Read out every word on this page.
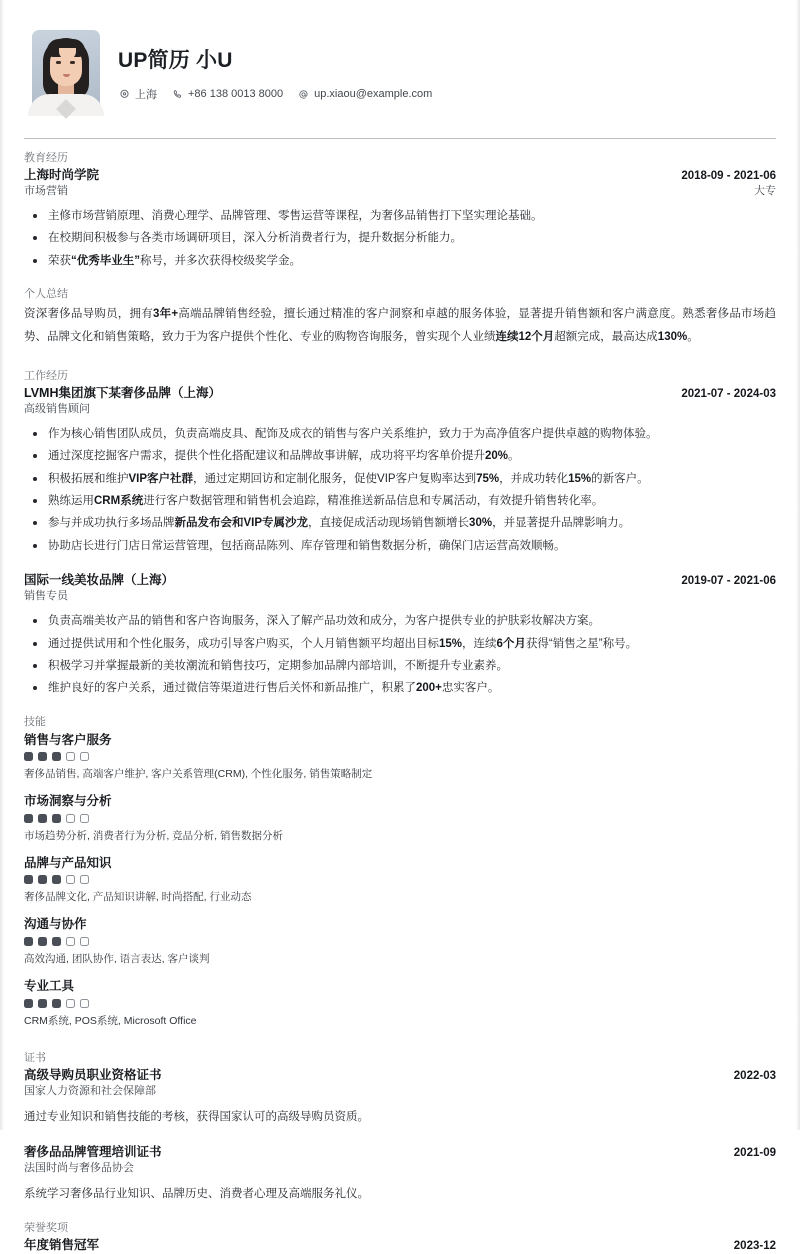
UP简历 小U
上海	+86 138 0013 8000	up.xiaou@example.com
教育经历
上海时尚学院	2018-09 - 2021-06
市场营销	大专
主修市场营销原理、消费心理学、品牌管理、零售运营等课程，为奢侈品销售打下坚实理论基础。
在校期间积极参与各类市场调研项目，深入分析消费者行为，提升数据分析能力。
荣获“优秀毕业生”称号，并多次获得校级奖学金。
个人总结
资深奢侈品导购员，拥有3年+高端品牌销售经验，擅长通过精准的客户洞察和卓越的服务体验，显著提升销售额和客户满意度。熟悉奢侈品市场趋势、品牌文化和销售策略，致力于为客户提供个性化、专业的购物咨询服务，曾实现个人业绩连续12个月超额完成，最高达成130%。
工作经历
LVMH集团旗下某奢侈品牌（上海）	2021-07 - 2024-03
高级销售顾问
作为核心销售团队成员，负责高端皮具、配饰及成衣的销售与客户关系维护，致力于为高净值客户提供卓越的购物体验。
通过深度挖掘客户需求，提供个性化搭配建议和品牌故事讲解，成功将平均客单价提升20%。
积极拓展和维护VIP客户社群，通过定期回访和定制化服务，促使VIP客户复购率达到75%，并成功转化15%的新客户。
熟练运用CRM系统进行客户数据管理和销售机会追踪，精准推送新品信息和专属活动，有效提升销售转化率。
参与并成功执行多场品牌新品发布会和VIP专属沙龙，直接促成活动现场销售额增长30%，并显著提升品牌影响力。
协助店长进行门店日常运营管理，包括商品陈列、库存管理和销售数据分析，确保门店运营高效顺畅。
国际一线美妆品牌（上海）	2019-07 - 2021-06
销售专员
负责高端美妆产品的销售和客户咨询服务，深入了解产品功效和成分，为客户提供专业的护肤彩妆解决方案。
通过提供试用和个性化服务，成功引导客户购买，个人月销售额平均超出目标15%，连续6个月获得“销售之星”称号。
积极学习并掌握最新的美妆潮流和销售技巧，定期参加品牌内部培训，不断提升专业素养。
维护良好的客户关系，通过微信等渠道进行售后关怀和新品推广，积累了200+忠实客户。
技能
销售与客户服务
奢侈品销售, 高端客户维护, 客户关系管理(CRM), 个性化服务, 销售策略制定
市场洞察与分析
市场趋势分析, 消费者行为分析, 竞品分析, 销售数据分析
品牌与产品知识
奢侈品牌文化, 产品知识讲解, 时尚搭配, 行业动态
沟通与协作
高效沟通, 团队协作, 语言表达, 客户谈判
专业工具
CRM系统, POS系统, Microsoft Office
证书
高级导购员职业资格证书	2022-03
国家人力资源和社会保障部
通过专业知识和销售技能的考核，获得国家认可的高级导购员资质。
奢侈品品牌管理培训证书	2021-09
法国时尚与奢侈品协会
系统学习奢侈品行业知识、品牌历史、消费者心理及高端服务礼仪。
荣誉奖项
年度销售冠军	2023-12
